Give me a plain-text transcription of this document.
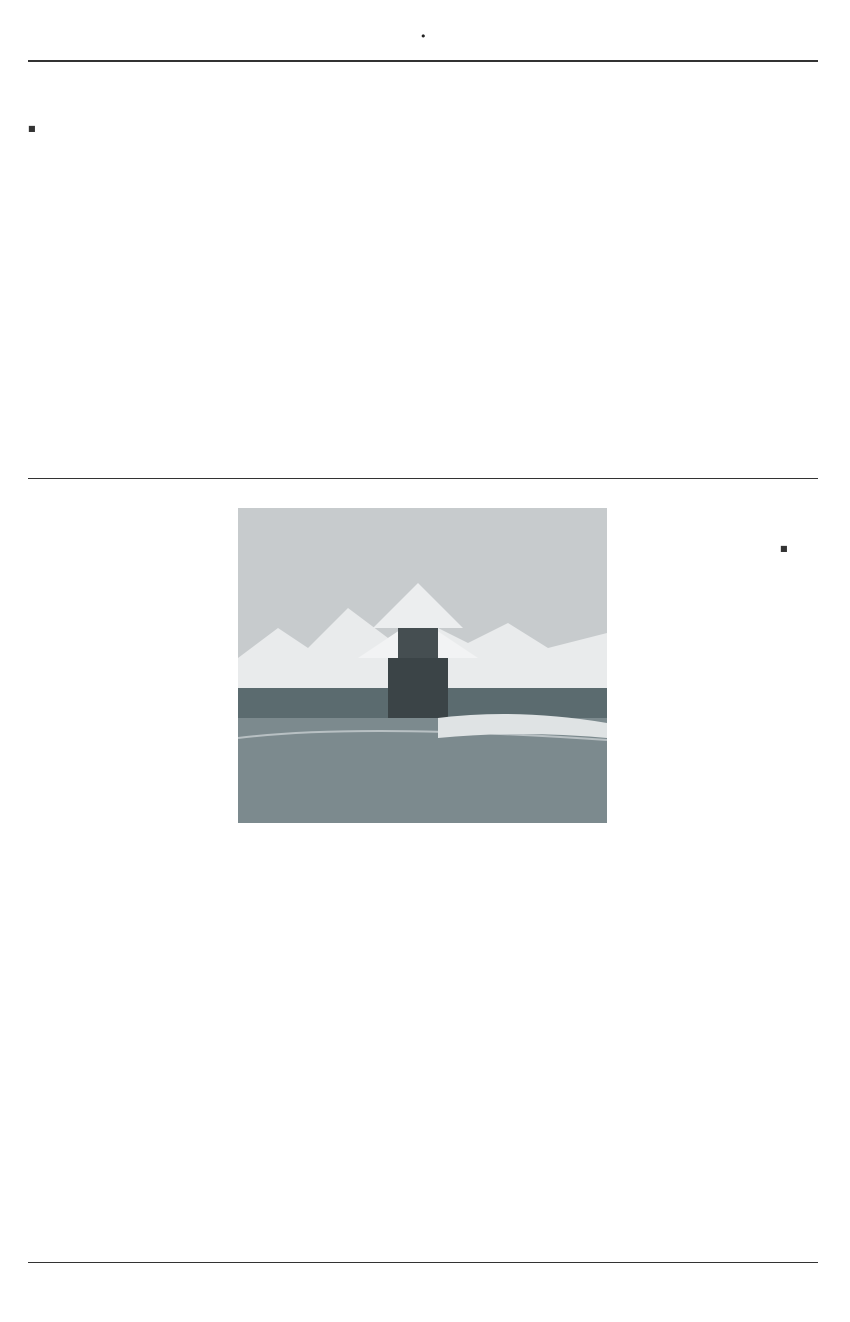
•
■
■
